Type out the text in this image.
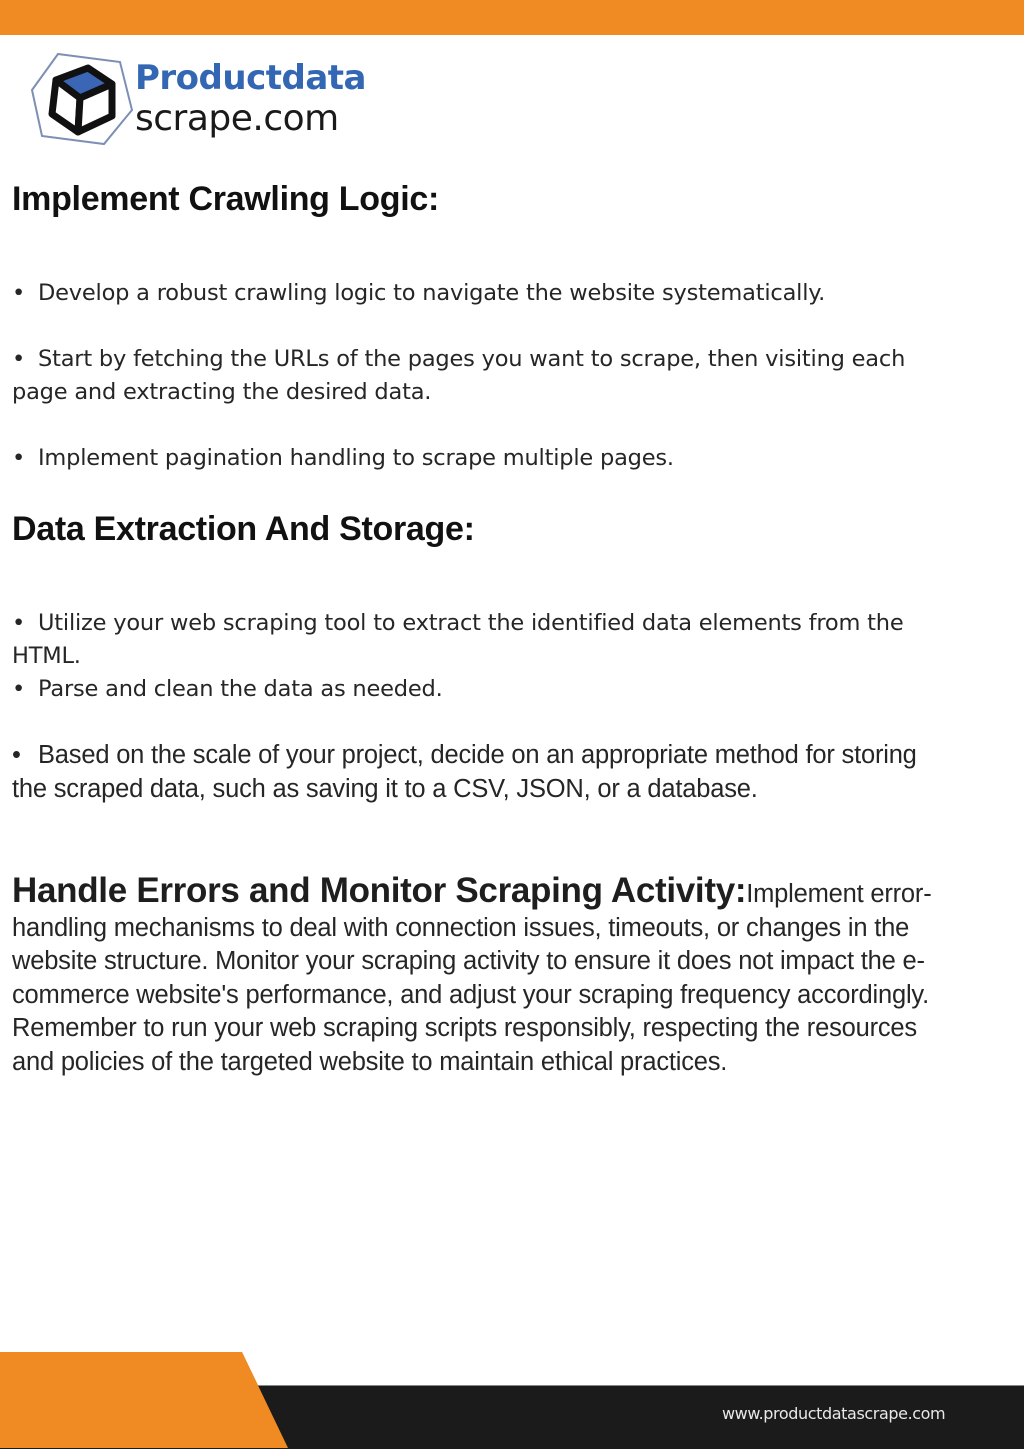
Productdata
scrape.com
Implement Crawling Logic:

• Develop a robust crawling logic to navigate the website systematically.

• Start by fetching the URLs of the pages you want to scrape, then visiting each page and extracting the desired data.

• Implement pagination handling to scrape multiple pages.

Data Extraction And Storage:

• Utilize your web scraping tool to extract the identified data elements from the HTML.

• Parse and clean the data as needed.

• Based on the scale of your project, decide on an appropriate method for storing the scraped data, such as saving it to a CSV, JSON, or a database.

Handle Errors and Monitor Scraping Activity:Implement error-handling mechanisms to deal with connection issues, timeouts, or changes in the website structure. Monitor your scraping activity to ensure it does not impact the e-commerce website's performance, and adjust your scraping frequency accordingly.
Remember to run your web scraping scripts responsibly, respecting the resources and policies of the targeted website to maintain ethical practices.

www.productdatascrape.com
